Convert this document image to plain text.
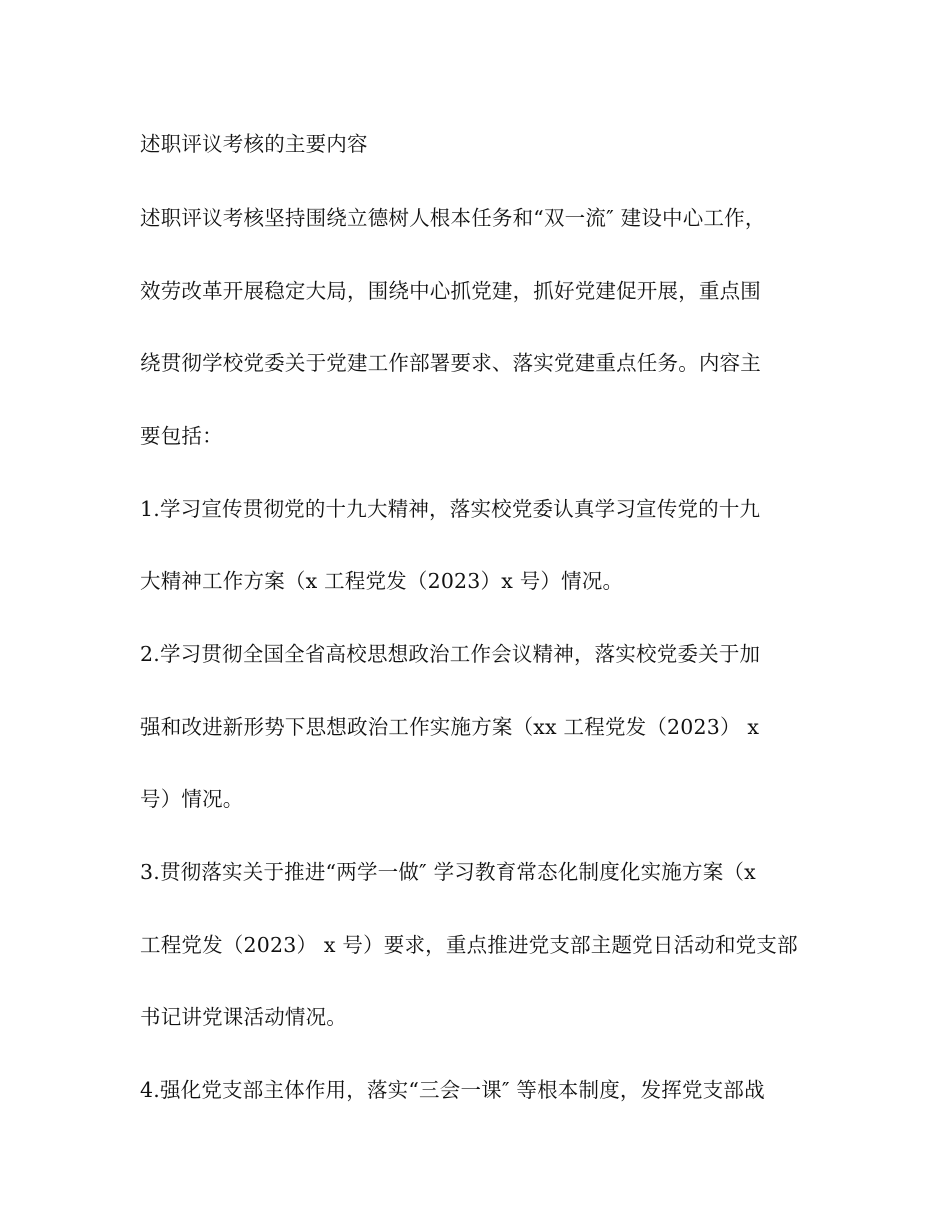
述职评议考核的主要内容
述职评议考核坚持围绕立德树人根本任务和“双一流″ 建设中心工作，
效劳改革开展稳定大局，围绕中心抓党建，抓好党建促开展，重点围
绕贯彻学校党委关于党建工作部署要求、落实党建重点任务。内容主
要包括：
1.学习宣传贯彻党的十九大精神，落实校党委认真学习宣传党的十九
大精神工作方案（x 工程党发（2023）x 号）情况。
2.学习贯彻全国全省高校思想政治工作会议精神，落实校党委关于加
强和改进新形势下思想政治工作实施方案（xx 工程党发（2023） x
号）情况。
3.贯彻落实关于推进“两学一做″ 学习教育常态化制度化实施方案（x
工程党发（2023） x 号）要求，重点推进党支部主题党日活动和党支部
书记讲党课活动情况。
4.强化党支部主体作用，落实“三会一课″ 等根本制度，发挥党支部战
